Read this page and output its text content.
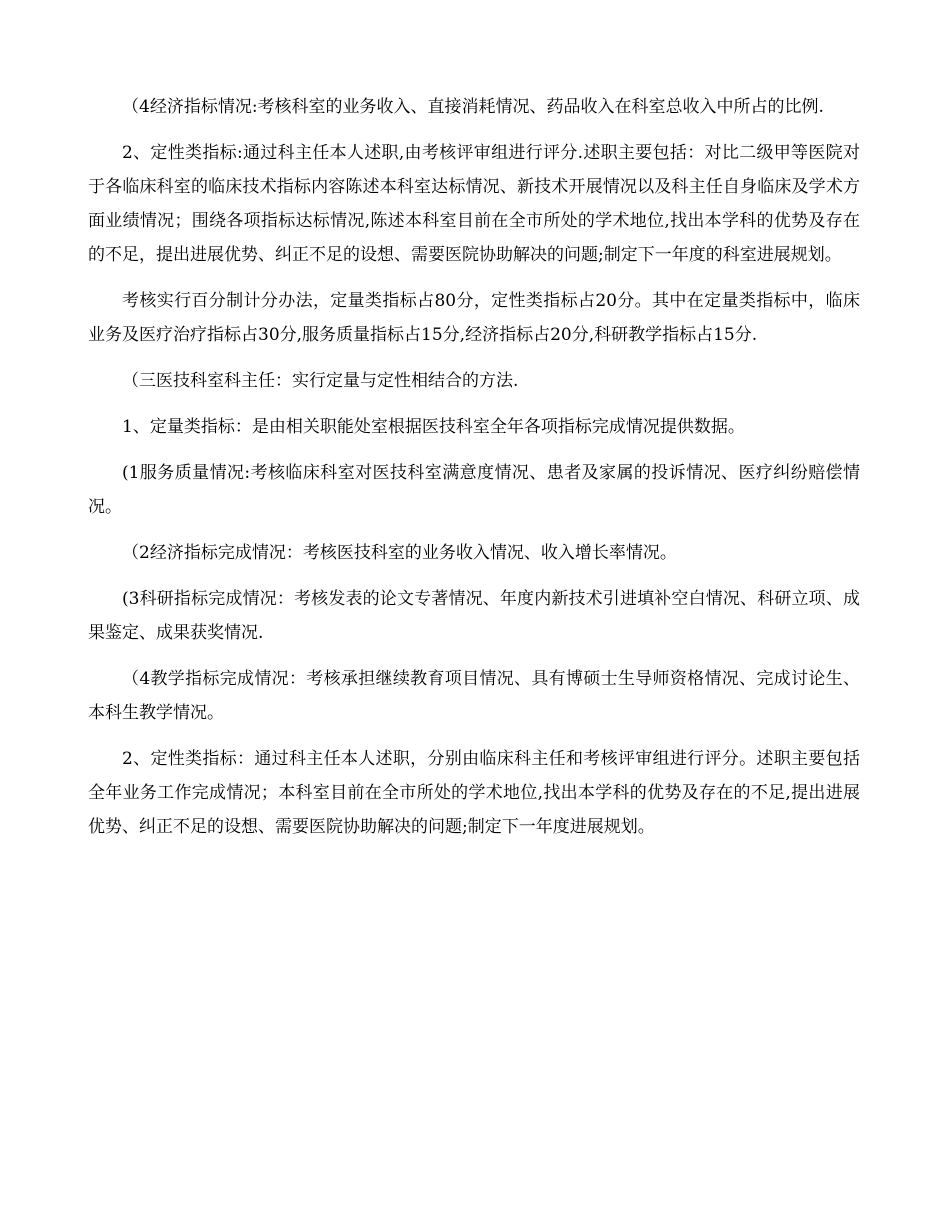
（4经济指标情况:考核科室的业务收入、直接消耗情况、药品收入在科室总收入中所占的比例.

2、定性类指标:通过科主任本人述职,由考核评审组进行评分.述职主要包括：对比二级甲等医院对于各临床科室的临床技术指标内容陈述本科室达标情况、新技术开展情况以及科主任自身临床及学术方面业绩情况；围绕各项指标达标情况,陈述本科室目前在全市所处的学术地位,找出本学科的优势及存在的不足，提出进展优势、纠正不足的设想、需要医院协助解决的问题;制定下一年度的科室进展规划。

考核实行百分制计分办法，定量类指标占80分，定性类指标占20分。其中在定量类指标中，临床业务及医疗治疗指标占30分,服务质量指标占15分,经济指标占20分,科研教学指标占15分.

（三医技科室科主任：实行定量与定性相结合的方法.

1、定量类指标：是由相关职能处室根据医技科室全年各项指标完成情况提供数据。

(1服务质量情况:考核临床科室对医技科室满意度情况、患者及家属的投诉情况、医疗纠纷赔偿情况。

（2经济指标完成情况：考核医技科室的业务收入情况、收入增长率情况。

(3科研指标完成情况：考核发表的论文专著情况、年度内新技术引进填补空白情况、科研立项、成果鉴定、成果获奖情况.

（4教学指标完成情况：考核承担继续教育项目情况、具有博硕士生导师资格情况、完成讨论生、本科生教学情况。

2、定性类指标：通过科主任本人述职，分别由临床科主任和考核评审组进行评分。述职主要包括全年业务工作完成情况；本科室目前在全市所处的学术地位,找出本学科的优势及存在的不足,提出进展优势、纠正不足的设想、需要医院协助解决的问题;制定下一年度进展规划。
